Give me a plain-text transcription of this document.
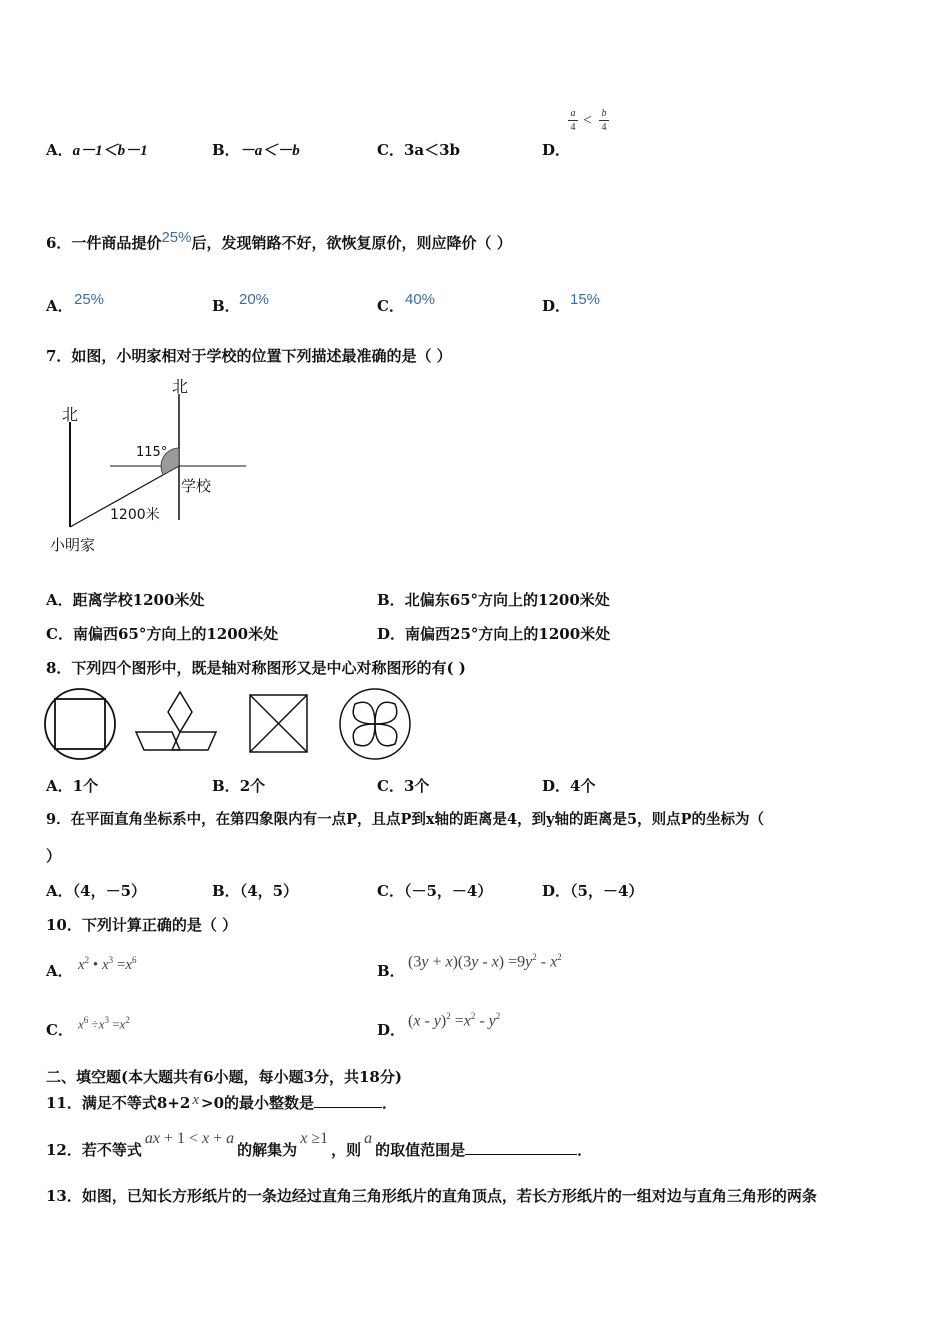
A．a－1＜b－1	B．－a＜－b	C．3a＜3b	D．
a
4 < b
4
6．一件商品提价25%后，发现销路不好，欲恢复原价，则应降价（ ）
A． 25%	B． 20%	C． 40%	D． 15%
7．如图，小明家相对于学校的位置下列描述最准确的是（ ）
北
北
115°
学校
1200米
小明家
A．距离学校1200米处	B．北偏东65°方向上的1200米处
C．南偏西65°方向上的1200米处	D．南偏西25°方向上的1200米处
8．下列四个图形中，既是轴对称图形又是中心对称图形的有( )
A．1个	B．2个	C．3个	D．4个
9．在平面直角坐标系中，在第四象限内有一点P，且点P到x轴的距离是4，到y轴的距离是5，则点P的坐标为（
）
A．（4，－5）	B．（4，5）	C．（－5，－4）	D．（5，－4）
10．下列计算正确的是（ ）
A． $x^2$ • $x^3 =x^6$
B．
$(3y + x)(3y - x) =9y^2 - x^2$
C． $x^6 \div x^3 =x^2$
D．
$(x - y)^2 =x^2 - y^2$
二、填空题(本大题共有6小题，每小题3分，共18分)
11．满足不等式8+2 x >0的最小整数是	．
12．若不等式ax + 1 < x + a的解集为x ≥1，则a的取值范围是	．
13．如图，已知长方形纸片的一条边经过直角三角形纸片的直角顶点，若长方形纸片的一组对边与直角三角形的两条
